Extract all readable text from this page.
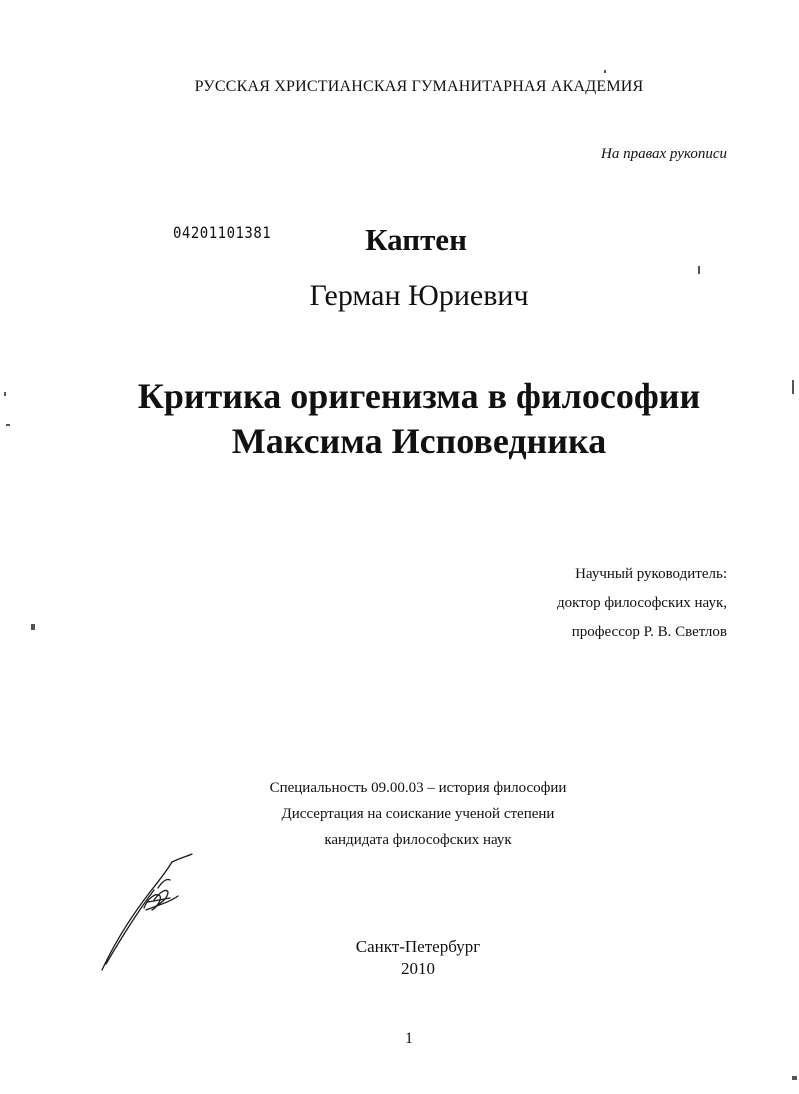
РУССКАЯ ХРИСТИАНСКАЯ ГУМАНИТАРНАЯ АКАДЕМИЯ
На правах рукописи
04201101381	Каптен
Герман Юриевич
Критика оригенизма в философии
Максима Исповедника
Научный руководитель:
доктор философских наук,
профессор Р. В. Светлов
Специальность 09.00.03 – история философии
Диссертация на соискание ученой степени
кандидата философских наук
Санкт-Петербург
2010
1
